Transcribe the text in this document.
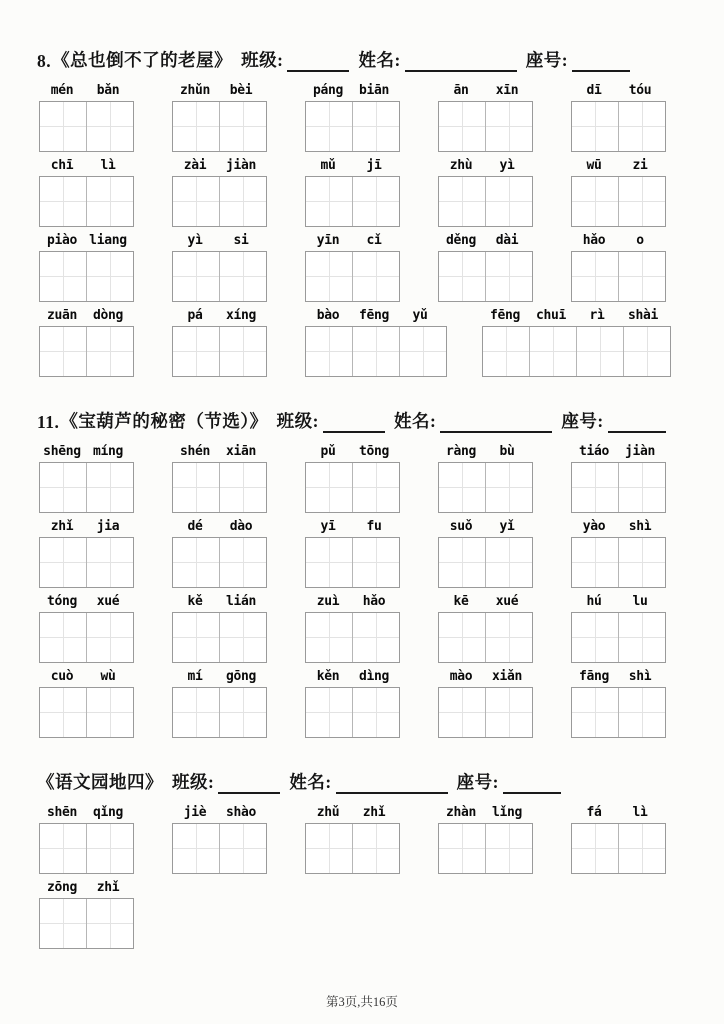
8. 《总也倒不了的老屋》 班级:	姓名:	座号:
mén	bǎn	zhǔn	bèi	páng	biān	ān	xīn	dī	tóu
chī	lì	zài	jiàn	mǔ	jī	zhù	yì	wū	zi
piào liang	yì	si	yīn	cǐ	děng	dài	hǎo	o
zuān	dòng	pá	xíng	bào	fēng	yǔ	fēng	chuī	rì	shài
11. 《宝葫芦的秘密（节选）》 班级:	姓名:	座号:
shēng míng	shén	xiān	pǔ	tōng	ràng	bù	tiáo	jiàn
zhǐ	jia	dé	dào	yī	fu	suǒ	yǐ	yào	shì
tóng	xué	kě	lián	zuì	hǎo	kē	xué	hú	lu
cuò	wù	mí	gōng	kěn	dìng	mào	xiǎn	fāng	shì
《语文园地四》 班级:	姓名:	座号:
shēn	qǐng	jiè	shào	zhǔ	zhǐ	zhàn	lǐng	fá	lì
zōng	zhǐ
第3页,共16页
